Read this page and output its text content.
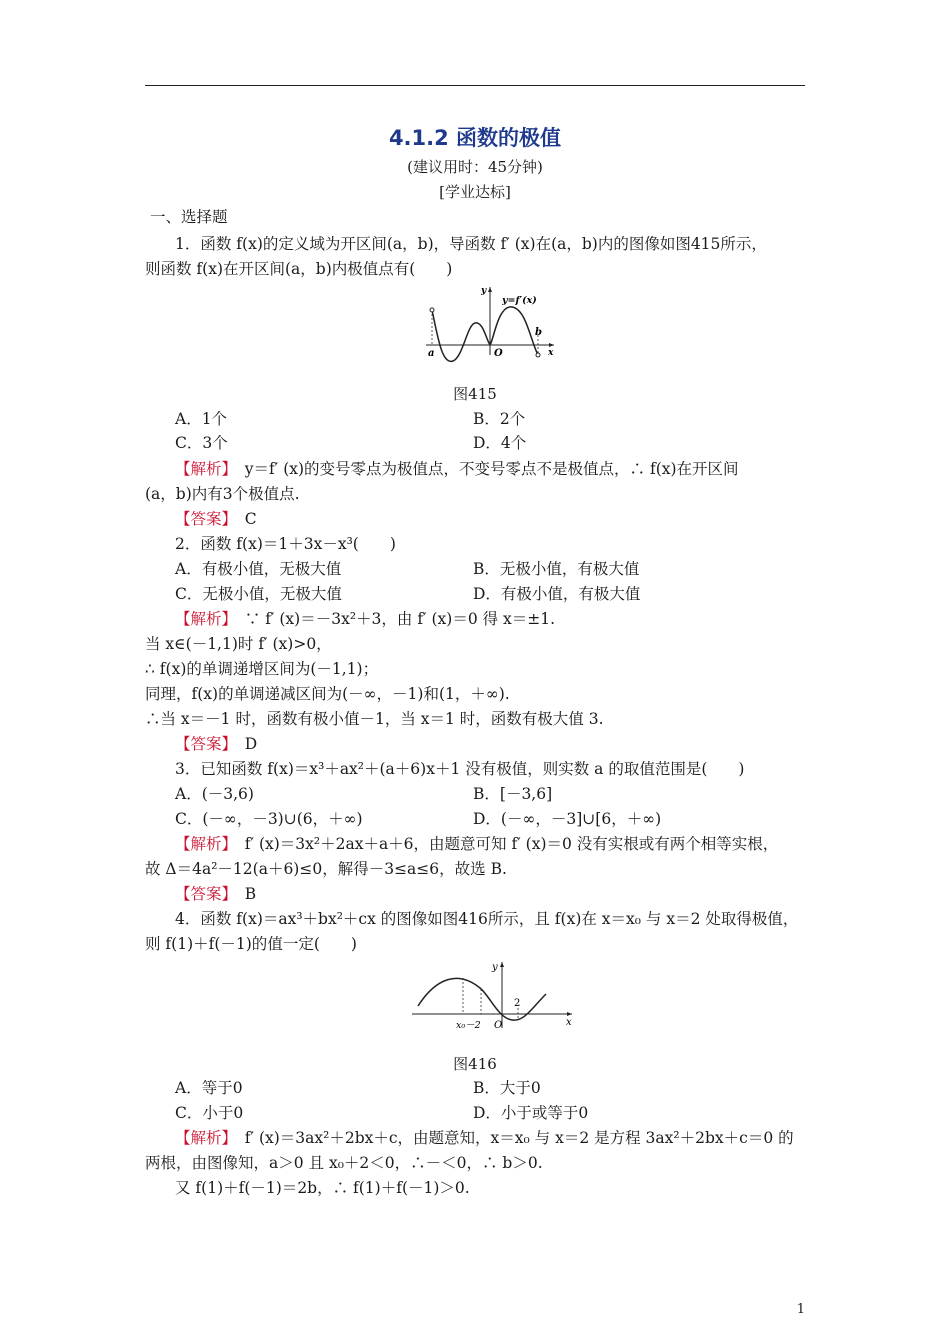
4.1.2 函数的极值
(建议用时：45分钟)
[学业达标]
一、选择题
1．函数 f(x)的定义域为开区间(a，b)，导函数 f′ (x)在(a，b)内的图像如图415所示，
则函数 f(x)在开区间(a，b)内极值点有(　　)
a
b
O	x
y
y=f′(x)
图415
A．1个	B．2个
C．3个	D．4个
【解析】　y＝f′ (x)的变号零点为极值点，不变号零点不是极值点，∴ f(x)在开区间
(a，b)内有3个极值点.
【答案】　C
2．函数 f(x)＝1＋3x－x³(　　)
A．有极小值，无极大值	B．无极小值，有极大值
C．无极小值，无极大值	D．有极小值，有极大值
【解析】　∵ f′ (x)＝－3x²＋3，由 f′ (x)＝0 得 x＝±1.
当 x∈(－1,1)时 f′ (x)>0，
∴ f(x)的单调递增区间为(－1,1)；
同理，f(x)的单调递减区间为(－∞，－1)和(1，＋∞).
∴当 x＝－1 时，函数有极小值－1，当 x＝1 时，函数有极大值 3.
【答案】　D
3．已知函数 f(x)＝x³＋ax²＋(a＋6)x＋1 没有极值，则实数 a 的取值范围是(　　)
A．(－3,6)	B．[－3,6]
C．(－∞，－3)∪(6，＋∞)	D．(－∞，－3]∪[6，＋∞)
【解析】　f′ (x)＝3x²＋2ax＋a＋6，由题意可知 f′ (x)＝0 没有实根或有两个相等实根，
故 Δ＝4a²－12(a＋6)≤0，解得－3≤a≤6，故选 B.
【答案】　B
4．函数 f(x)＝ax³＋bx²＋cx 的图像如图416所示，且 f(x)在 x＝x₀ 与 x＝2 处取得极值，
则 f(1)＋f(－1)的值一定(　　)
y
x
x₀－2 O
2
图416
A．等于0	B．大于0
C．小于0	D．小于或等于0
【解析】　f′ (x)＝3ax²＋2bx＋c，由题意知，x＝x₀ 与 x＝2 是方程 3ax²＋2bx＋c＝0 的
两根，由图像知，a＞0 且 x₀＋2＜0，∴－＜0，∴ b＞0.
又 f(1)＋f(－1)＝2b，∴ f(1)＋f(－1)＞0.
1
